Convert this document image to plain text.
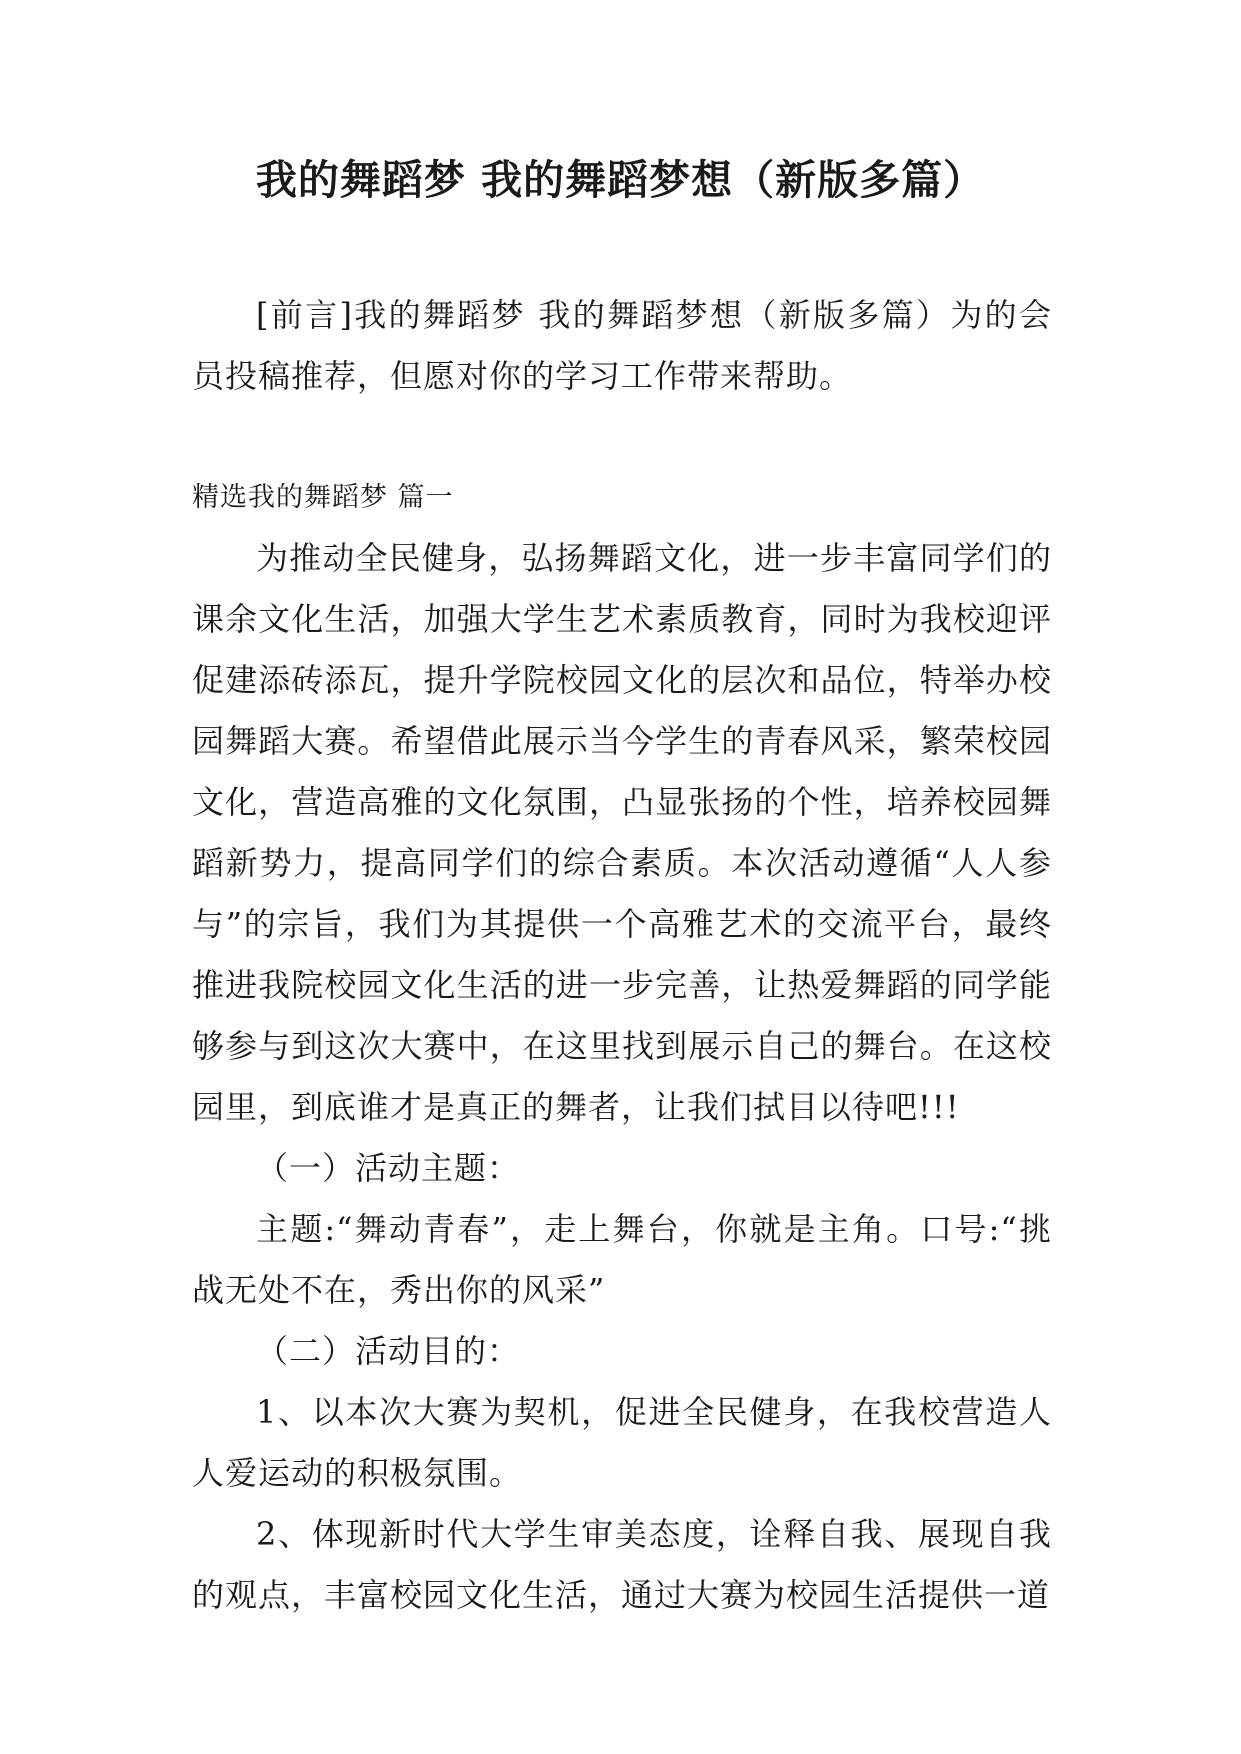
我的舞蹈梦 我的舞蹈梦想（新版多篇）

[前言]我的舞蹈梦 我的舞蹈梦想（新版多篇）为的会员投稿推荐，但愿对你的学习工作带来帮助。

精选我的舞蹈梦 篇一

为推动全民健身，弘扬舞蹈文化，进一步丰富同学们的课余文化生活，加强大学生艺术素质教育，同时为我校迎评促建添砖添瓦，提升学院校园文化的层次和品位，特举办校园舞蹈大赛。希望借此展示当今学生的青春风采，繁荣校园文化，营造高雅的文化氛围，凸显张扬的个性，培养校园舞蹈新势力，提高同学们的综合素质。本次活动遵循“人人参与”的宗旨，我们为其提供一个高雅艺术的交流平台，最终推进我院校园文化生活的进一步完善，让热爱舞蹈的同学能够参与到这次大赛中，在这里找到展示自己的舞台。在这校园里，到底谁才是真正的舞者，让我们拭目以待吧!!!

（一）活动主题：

主题:“舞动青春”，走上舞台，你就是主角。口号:“挑战无处不在，秀出你的风采”

（二）活动目的：

1、以本次大赛为契机，促进全民健身，在我校营造人人爱运动的积极氛围。

2、体现新时代大学生审美态度，诠释自我、展现自我的观点，丰富校园文化生活，通过大赛为校园生活提供一道
